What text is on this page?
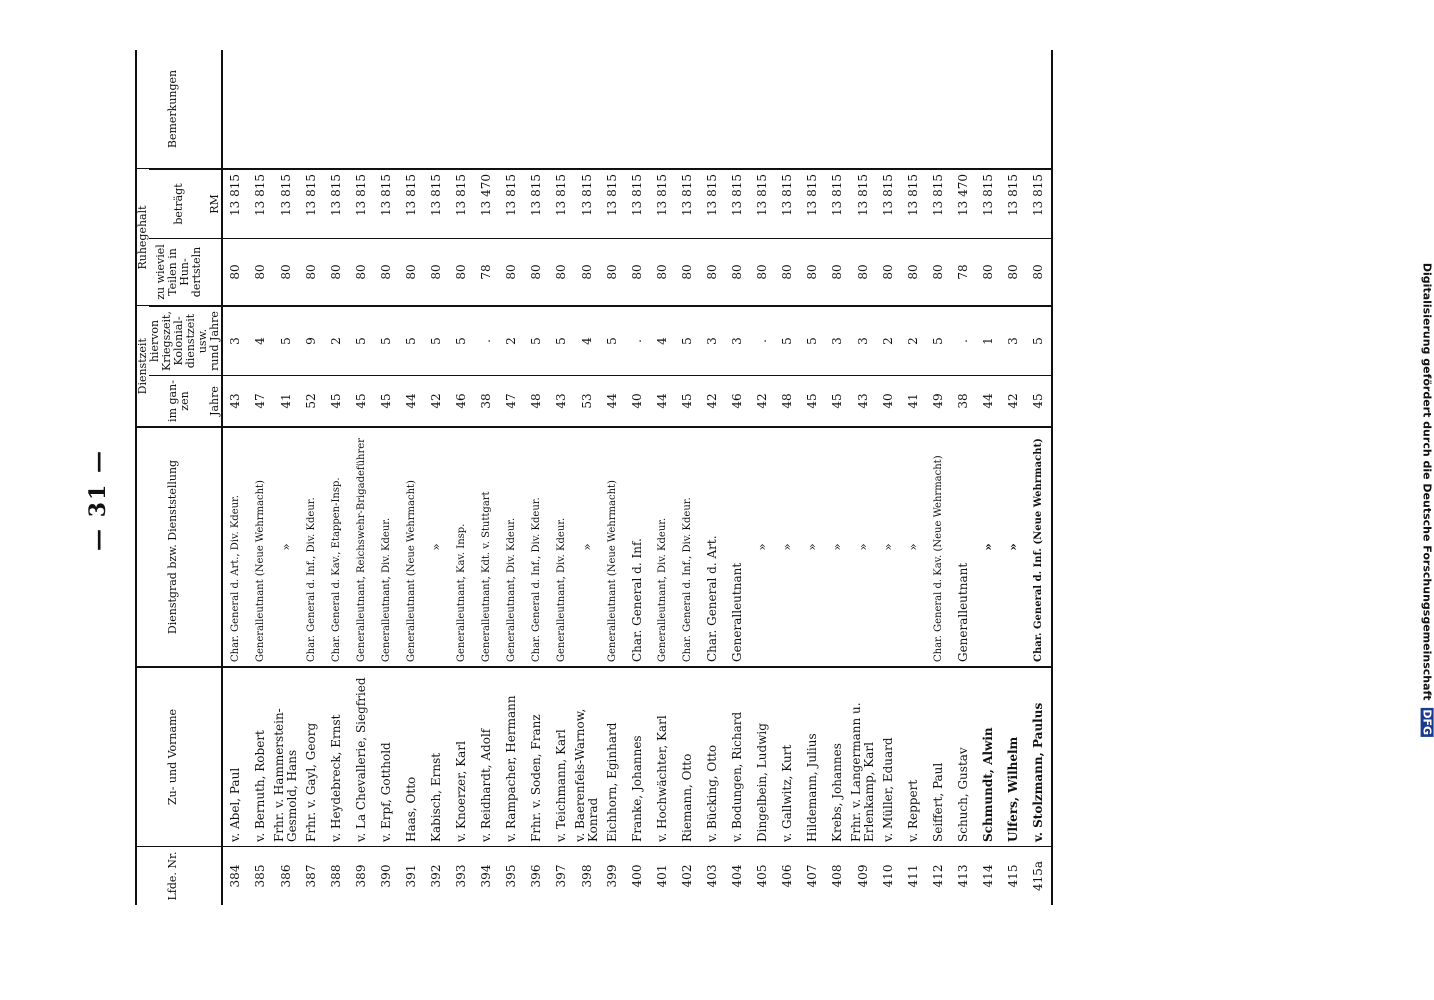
— 31 —
Lfde. Nr.	Zu- und Vorname	Dienstgrad bzw. Dienststellung	Dienstzeit		Ruhegehalt		Bemerkungen
			im gan-zen	hiervon Kriegszeit, Kolonial-dienstzeit usw.	zu wieviel Teilen in Hun-dertsteln	beträgt	
			Jahre	rund Jahre		RM	
384	v. Abel, Paul	Char. General d. Art., Div. Kdeur.	43	3	80	13 815	
385	v. Bernuth, Robert	Generalleutnant (Neue Wehrmacht)	47	4	80	13 815	
386	Frhr. v. Hammerstein-Gesmold, Hans	»	41	5	80	13 815	
387	Frhr. v. Gayl, Georg	Char. General d. Inf., Div. Kdeur.	52	9	80	13 815	
388	v. Heydebreck, Ernst	Char. General d. Kav., Etappen-Insp.	45	2	80	13 815	
389	v. La Chevallerie, Siegfried	Generalleutnant, Reichswehr-Brigadeführer	45	5	80	13 815	
390	v. Erpf, Gotthold	Generalleutnant, Div. Kdeur.	45	5	80	13 815	
391	Haas, Otto	Generalleutnant (Neue Wehrmacht)	44	5	80	13 815	
392	Kabisch, Ernst	»	42	5	80	13 815	
393	v. Knoerzer, Karl	Generalleutnant, Kav. Insp.	46	5	80	13 815	
394	v. Reidhardt, Adolf	Generalleutnant, Kdt. v. Stuttgart	38	.	78	13 470	
395	v. Rampacher, Hermann	Generalleutnant, Div. Kdeur.	47	2	80	13 815	
396	Frhr. v. Soden, Franz	Char. General d. Inf., Div. Kdeur.	48	5	80	13 815	
397	v. Teichmann, Karl	Generalleutnant, Div. Kdeur.	43	5	80	13 815	
398	v. Baerenfels-Warnow, Konrad	»	53	4	80	13 815	
399	Eichhorn, Eginhard	Generalleutnant (Neue Wehrmacht)	44	5	80	13 815	
400	Franke, Johannes	Char. General d. Inf.	40	.	80	13 815	
401	v. Hochwächter, Karl	Generalleutnant, Div. Kdeur.	44	4	80	13 815	
402	Riemann, Otto	Char. General d. Inf., Div. Kdeur.	45	5	80	13 815	
403	v. Bücking, Otto	Char. General d. Art.	42	3	80	13 815	
404	v. Bodungen, Richard	Generalleutnant	46	3	80	13 815	
405	Dingelbein, Ludwig	»	42	.	80	13 815	
406	v. Gallwitz, Kurt	»	48	5	80	13 815	
407	Hildemann, Julius	»	45	5	80	13 815	
408	Krebs, Johannes	»	45	3	80	13 815	
409	Frhr. v. Langermann u. Erlenkamp, Karl	»	43	3	80	13 815	
410	v. Müller, Eduard	»	40	2	80	13 815	
411	v. Reppert	»	41	2	80	13 815	
412	Seiffert, Paul	Char. General d. Kav. (Neue Wehrmacht)	49	5	80	13 815	
413	Schuch, Gustav	Generalleutnant	38	.	78	13 470	
414	Schmundt, Alwin	»	44	1	80	13 815	
415	Ulfers, Wilhelm	»	42	3	80	13 815	
415a	v. Stolzmann, Paulus	Char. General d. Inf. (Neue Wehrmacht)	45	5	80	13 815	
Digitalisierung gefördert durch die Deutsche Forschungsgemeinschaft DFG
